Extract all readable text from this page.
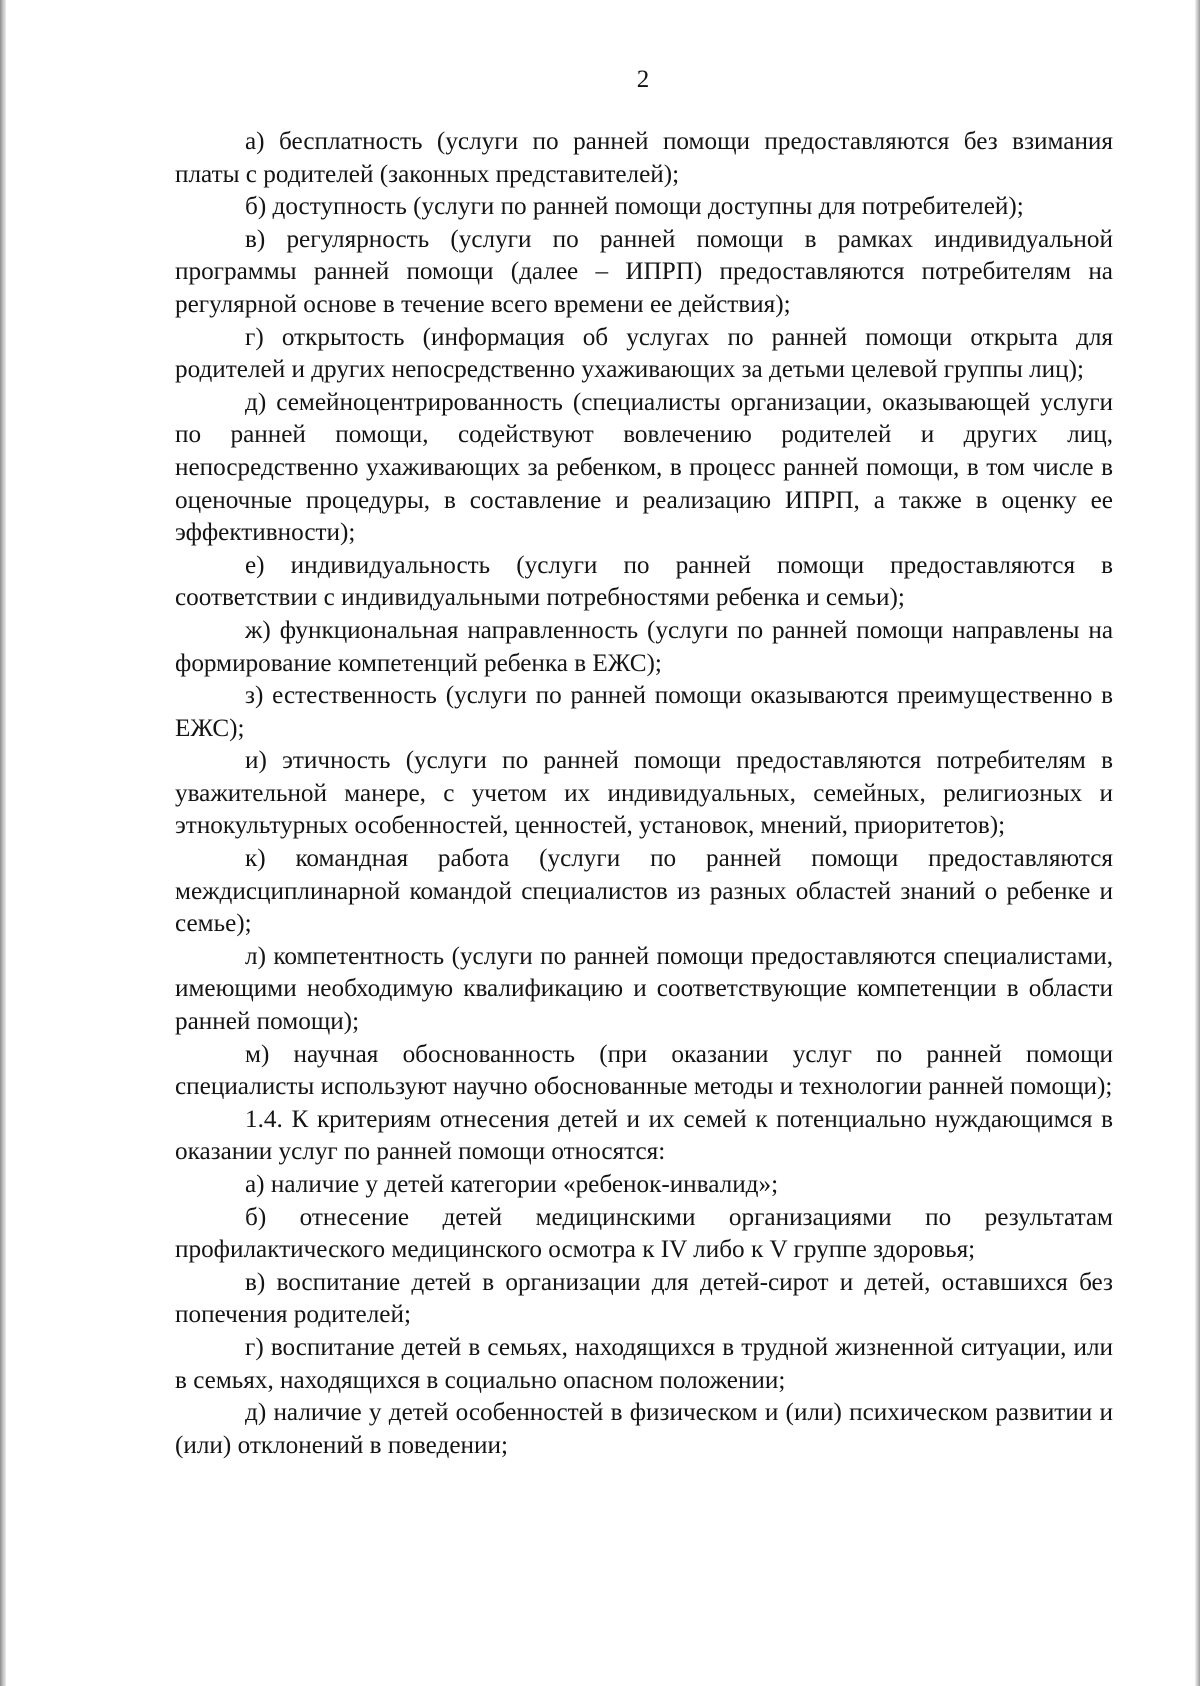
2

а) бесплатность (услуги по ранней помощи предоставляются без взимания платы с родителей (законных представителей);

б) доступность (услуги по ранней помощи доступны для потребителей);

в) регулярность (услуги по ранней помощи в рамках индивидуальной программы ранней помощи (далее – ИПРП) предоставляются потребителям на регулярной основе в течение всего времени ее действия);

г) открытость (информация об услугах по ранней помощи открыта для родителей и других непосредственно ухаживающих за детьми целевой группы лиц);

д) семейноцентрированность (специалисты организации, оказывающей услуги по ранней помощи, содействуют вовлечению родителей и других лиц, непосредственно ухаживающих за ребенком, в процесс ранней помощи, в том числе в оценочные процедуры, в составление и реализацию ИПРП, а также в оценку ее эффективности);

е) индивидуальность (услуги по ранней помощи предоставляются в соответствии с индивидуальными потребностями ребенка и семьи);

ж) функциональная направленность (услуги по ранней помощи направлены на формирование компетенций ребенка в ЕЖС);

з) естественность (услуги по ранней помощи оказываются преимущественно в ЕЖС);

и) этичность (услуги по ранней помощи предоставляются потребителям в уважительной манере, с учетом их индивидуальных, семейных, религиозных и этнокультурных особенностей, ценностей, установок, мнений, приоритетов);

к) командная работа (услуги по ранней помощи предоставляются междисциплинарной командой специалистов из разных областей знаний о ребенке и семье);

л) компетентность (услуги по ранней помощи предоставляются специалистами, имеющими необходимую квалификацию и соответствующие компетенции в области ранней помощи);

м) научная обоснованность (при оказании услуг по ранней помощи специалисты используют научно обоснованные методы и технологии ранней помощи);

1.4. К критериям отнесения детей и их семей к потенциально нуждающимся в оказании услуг по ранней помощи относятся:

а) наличие у детей категории «ребенок-инвалид»;

б) отнесение детей медицинскими организациями по результатам профилактического медицинского осмотра к IV либо к V группе здоровья;

в) воспитание детей в организации для детей-сирот и детей, оставшихся без попечения родителей;

г) воспитание детей в семьях, находящихся в трудной жизненной ситуации, или в семьях, находящихся в социально опасном положении;

д) наличие у детей особенностей в физическом и (или) психическом развитии и (или) отклонений в поведении;
